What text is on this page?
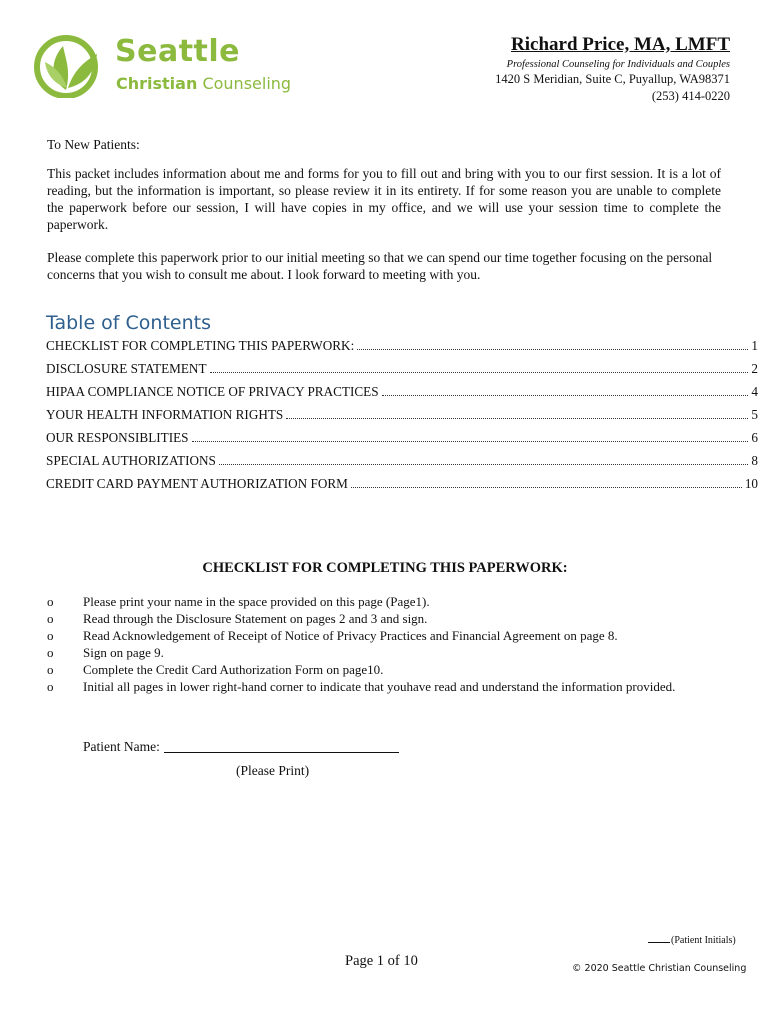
Seattle
Christian Counseling
Richard Price, MA, LMFT
Professional Counseling for Individuals and Couples
1420 S Meridian, Suite C, Puyallup, WA98371
(253) 414-0220
To New Patients:
This packet includes information about me and forms for you to fill out and bring with you to our first session. It is a lot of reading, but the information is important, so please review it in its entirety. If for some reason you are unable to complete the paperwork before our session, I will have copies in my office, and we will use your session time to complete the paperwork.
Please complete this paperwork prior to our initial meeting so that we can spend our time together focusing on the personal concerns that you wish to consult me about. I look forward to meeting with you.
Table of Contents
CHECKLIST FOR COMPLETING THIS PAPERWORK:	1
DISCLOSURE STATEMENT	2
HIPAA COMPLIANCE NOTICE OF PRIVACY PRACTICES	4
YOUR HEALTH INFORMATION RIGHTS	5
OUR RESPONSIBLITIES	6
SPECIAL AUTHORIZATIONS	8
CREDIT CARD PAYMENT AUTHORIZATION FORM	10
CHECKLIST FOR COMPLETING THIS PAPERWORK:
o	Please print your name in the space provided on this page (Page1).
o	Read through the Disclosure Statement on pages 2 and 3 and sign.
o	Read Acknowledgement of Receipt of Notice of Privacy Practices and Financial Agreement on page 8.
o	Sign on page 9.
o	Complete the Credit Card Authorization Form on page10.
o	Initial all pages in lower right-hand corner to indicate that youhave read and understand the information provided.
Patient Name:
(Please Print)
(Patient Initials)
Page 1 of 10	© 2020 Seattle Christian Counseling
